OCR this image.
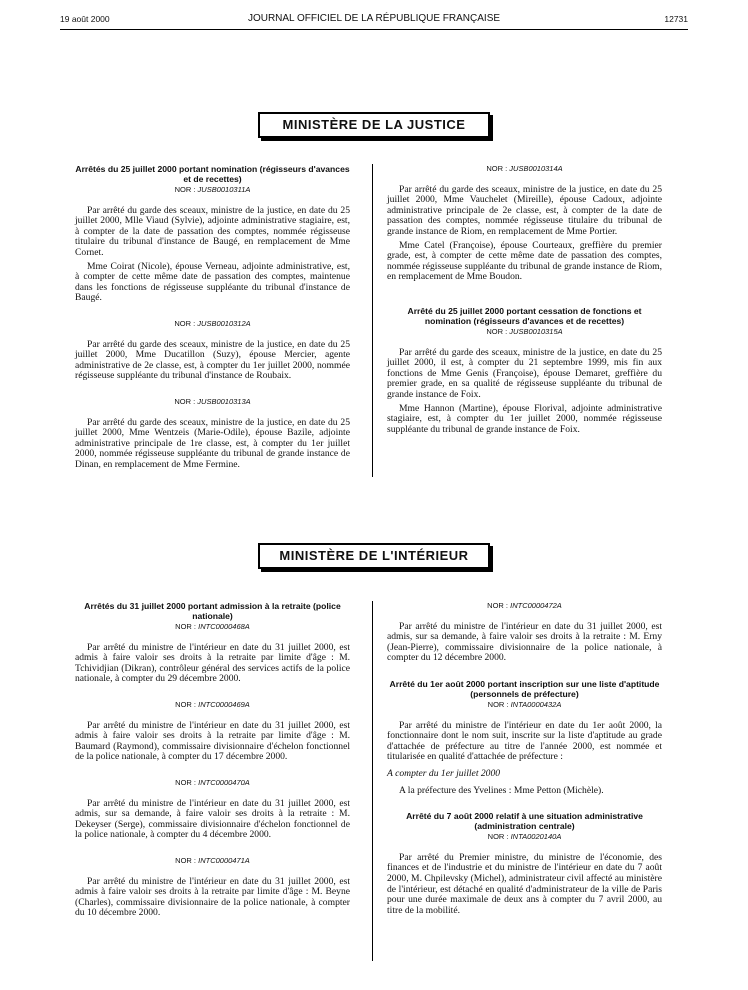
19 août 2000	JOURNAL OFFICIEL DE LA RÉPUBLIQUE FRANÇAISE	12731
MINISTÈRE DE LA JUSTICE
Arrêtés du 25 juillet 2000 portant nomination (régisseurs d'avances et de recettes)
NOR : JUSB0010311A

Par arrêté du garde des sceaux, ministre de la justice, en date du 25 juillet 2000, Mlle Viaud (Sylvie), adjointe administrative stagiaire, est, à compter de la date de passation des comptes, nommée régisseuse titulaire du tribunal d'instance de Baugé, en remplacement de Mme Cornet.

Mme Coirat (Nicole), épouse Verneau, adjointe administrative, est, à compter de cette même date de passation des comptes, maintenue dans les fonctions de régisseuse suppléante du tribunal d'instance de Baugé.

NOR : JUSB0010312A

Par arrêté du garde des sceaux, ministre de la justice, en date du 25 juillet 2000, Mme Ducatillon (Suzy), épouse Mercier, agente administrative de 2e classe, est, à compter du 1er juillet 2000, nommée régisseuse suppléante du tribunal d'instance de Roubaix.

NOR : JUSB0010313A

Par arrêté du garde des sceaux, ministre de la justice, en date du 25 juillet 2000, Mme Wentzeis (Marie-Odile), épouse Bazile, adjointe administrative principale de 1re classe, est, à compter du 1er juillet 2000, nommée régisseuse suppléante du tribunal de grande instance de Dinan, en remplacement de Mme Fermine.

NOR : JUSB0010314A

Par arrêté du garde des sceaux, ministre de la justice, en date du 25 juillet 2000, Mme Vauchelet (Mireille), épouse Cadoux, adjointe administrative principale de 2e classe, est, à compter de la date de passation des comptes, nommée régisseuse titulaire du tribunal de grande instance de Riom, en remplacement de Mme Portier.

Mme Catel (Françoise), épouse Courteaux, greffière du premier grade, est, à compter de cette même date de passation des comptes, nommée régisseuse suppléante du tribunal de grande instance de Riom, en remplacement de Mme Boudon.

Arrêté du 25 juillet 2000 portant cessation de fonctions et nomination (régisseurs d'avances et de recettes)
NOR : JUSB0010315A

Par arrêté du garde des sceaux, ministre de la justice, en date du 25 juillet 2000, il est, à compter du 21 septembre 1999, mis fin aux fonctions de Mme Genis (Françoise), épouse Demaret, greffière du premier grade, en sa qualité de régisseuse suppléante du tribunal de grande instance de Foix.

Mme Hannon (Martine), épouse Florival, adjointe administrative stagiaire, est, à compter du 1er juillet 2000, nommée régisseuse suppléante du tribunal de grande instance de Foix.

MINISTÈRE DE L'INTÉRIEUR
Arrêtés du 31 juillet 2000 portant admission à la retraite (police nationale)
NOR : INTC0000468A

Par arrêté du ministre de l'intérieur en date du 31 juillet 2000, est admis à faire valoir ses droits à la retraite par limite d'âge : M. Tchividjian (Dikran), contrôleur général des services actifs de la police nationale, à compter du 29 décembre 2000.

NOR : INTC0000469A

Par arrêté du ministre de l'intérieur en date du 31 juillet 2000, est admis à faire valoir ses droits à la retraite par limite d'âge : M. Baumard (Raymond), commissaire divisionnaire d'échelon fonctionnel de la police nationale, à compter du 17 décembre 2000.

NOR : INTC0000470A

Par arrêté du ministre de l'intérieur en date du 31 juillet 2000, est admis, sur sa demande, à faire valoir ses droits à la retraite : M. Dekeyser (Serge), commissaire divisionnaire d'échelon fonctionnel de la police nationale, à compter du 4 décembre 2000.

NOR : INTC0000471A

Par arrêté du ministre de l'intérieur en date du 31 juillet 2000, est admis à faire valoir ses droits à la retraite par limite d'âge : M. Beyne (Charles), commissaire divisionnaire de la police nationale, à compter du 10 décembre 2000.

NOR : INTC0000472A

Par arrêté du ministre de l'intérieur en date du 31 juillet 2000, est admis, sur sa demande, à faire valoir ses droits à la retraite : M. Erny (Jean-Pierre), commissaire divisionnaire de la police nationale, à compter du 12 décembre 2000.

Arrêté du 1er août 2000 portant inscription sur une liste d'aptitude (personnels de préfecture)
NOR : INTA0000432A

Par arrêté du ministre de l'intérieur en date du 1er août 2000, la fonctionnaire dont le nom suit, inscrite sur la liste d'aptitude au grade d'attachée de préfecture au titre de l'année 2000, est nommée et titularisée en qualité d'attachée de préfecture :

A compter du 1er juillet 2000

A la préfecture des Yvelines : Mme Petton (Michèle).

Arrêté du 7 août 2000 relatif à une situation administrative (administration centrale)
NOR : INTA0020140A

Par arrêté du Premier ministre, du ministre de l'économie, des finances et de l'industrie et du ministre de l'intérieur en date du 7 août 2000, M. Chpilevsky (Michel), administrateur civil affecté au ministère de l'intérieur, est détaché en qualité d'administrateur de la ville de Paris pour une durée maximale de deux ans à compter du 7 avril 2000, au titre de la mobilité.
